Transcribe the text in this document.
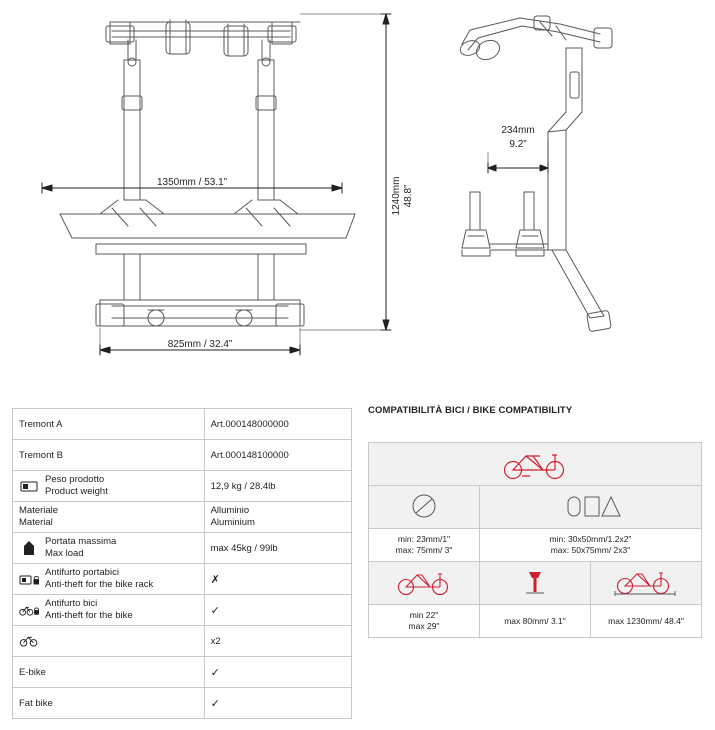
1350mm / 53.1”
825mm / 32.4”
1240mm 48.8”
234mm
9.2”
Tremont A	Art.000148000000
Tremont B	Art.000148100000

Peso prodotto
Product weight	12,9 kg / 28.4lb

Materiale
Material	Alluminio
Aluminium

Portata massima
Max load	max 45kg / 99lb

Antifurto portabici
Anti-theft for the bike rack	✗

Antifurto bici
Anti-theft for the bike	✓

	x2
E-bike	✓
Fat bike	✓
COMPATIBILITÀ BICI / BIKE COMPATIBILITY

min: 23mm/1"
max: 75mm/ 3"	min: 30x50mm/1.2x2"
max: 50x75mm/ 2x3"	

min 22"
max 29"	max 80mm/ 3.1"	max 1230mm/ 48.4"
